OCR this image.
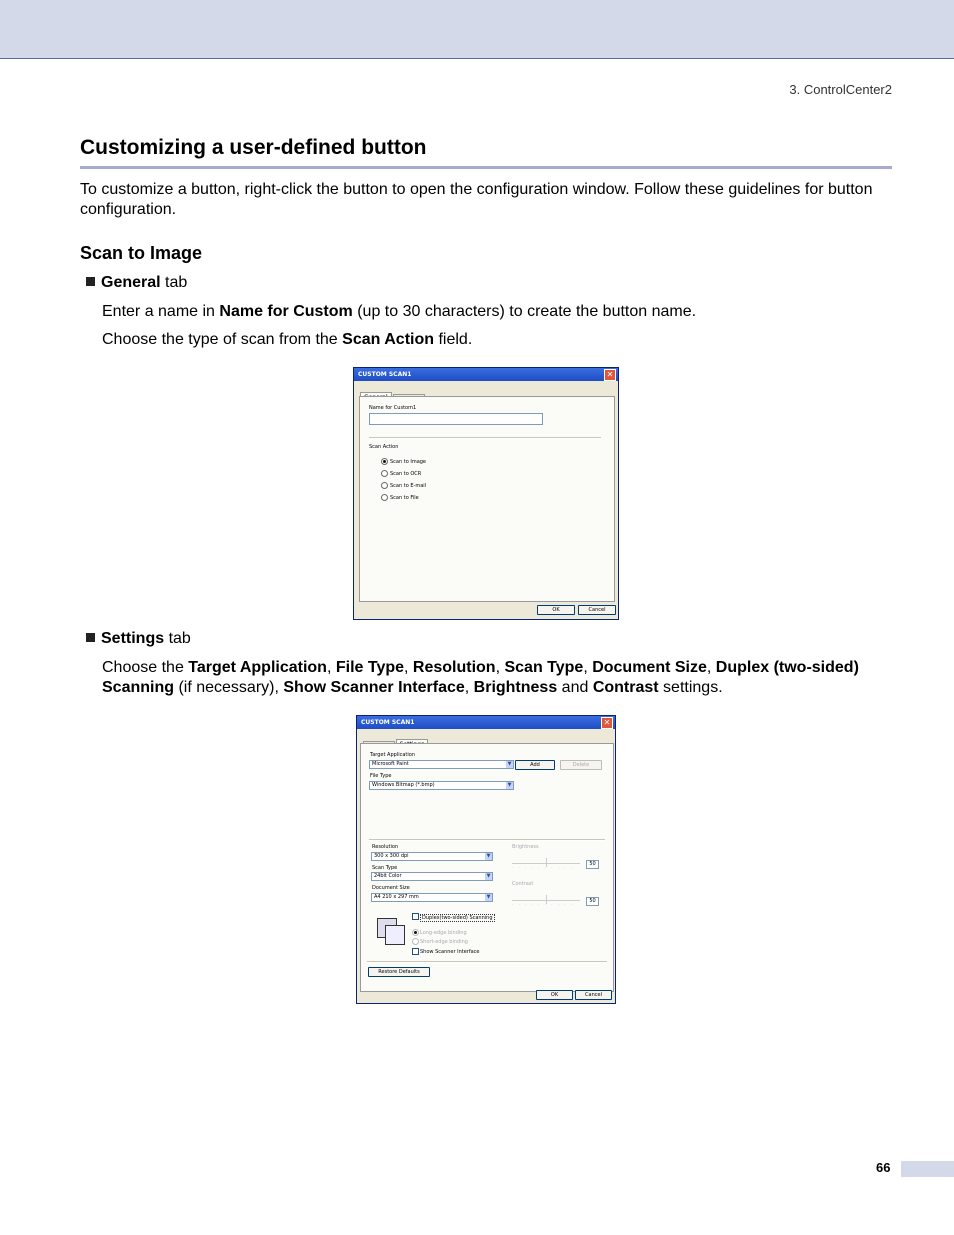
3. ControlCenter2
Customizing a user-defined button
To customize a button, right-click the button to open the configuration window. Follow these guidelines for button configuration.
Scan to Image
General tab
Enter a name in Name for Custom (up to 30 characters) to create the button name.
Choose the type of scan from the Scan Action field.
CUSTOM SCAN1	✕
Name for Custom1
Scan Action
Scan to Image
Scan to OCR
Scan to E-mail
Scan to File
OK	Cancel
Settings tab
Choose the Target Application, File Type, Resolution, Scan Type, Document Size, Duplex (two-sided) Scanning (if necessary), Show Scanner Interface, Brightness and Contrast settings.
CUSTOM SCAN1	✕
Target Application
Microsoft Paint	▼	Add	Delete
File Type
Windows Bitmap (*.bmp)	▼
Resolution
300 x 300 dpi	▼
Scan Type
24bit Color	▼
Document Size
A4 210 x 297 mm	▼
Brightness
· · · · · · · · · ·
50
Contrast
· · · · · · · · · ·
50
Duplex(two-sided) Scanning
Long-edge binding
Short-edge binding
Show Scanner Interface
Restore Defaults
OK	Cancel
66
